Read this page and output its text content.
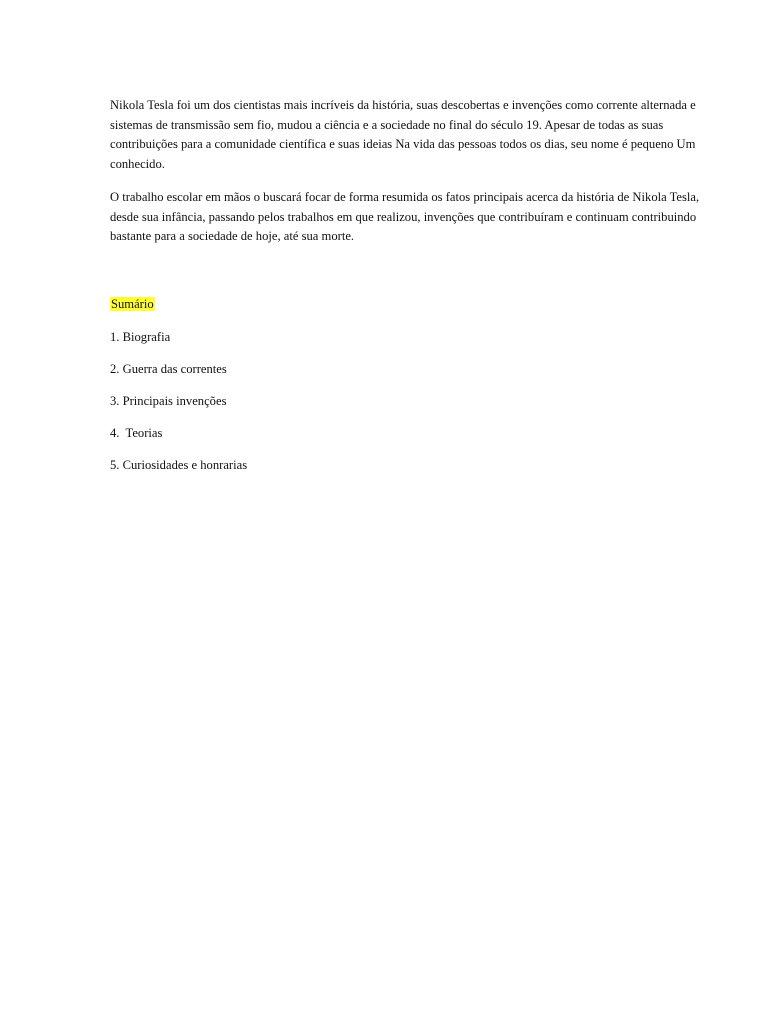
Nikola Tesla foi um dos cientistas mais incríveis da história, suas descobertas e invenções como corrente alternada e sistemas de transmissão sem fio, mudou a ciência e a sociedade no final do século 19. Apesar de todas as suas contribuições para a comunidade científica e suas ideias Na vida das pessoas todos os dias, seu nome é pequeno Um conhecido.

O trabalho escolar em mãos o buscará focar de forma resumida os fatos principais acerca da história de Nikola Tesla, desde sua infância, passando pelos trabalhos em que realizou, invenções que contribuíram e continuam contribuindo bastante para a sociedade de hoje, até sua morte.

Sumário
1. Biografia
2. Guerra das correntes
3. Principais invenções
4.  Teorias
5. Curiosidades e honrarias
